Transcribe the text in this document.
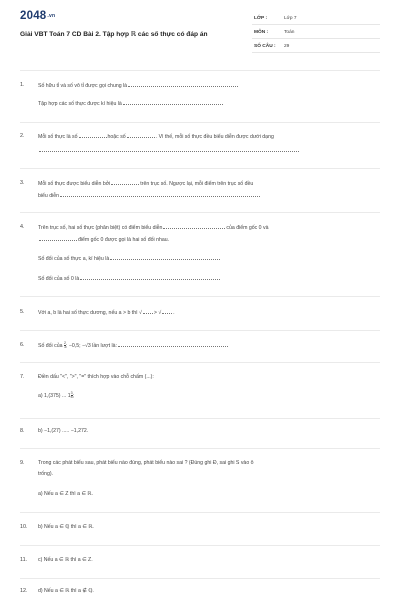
2048.vn
Giải VBT Toán 7 CD Bài 2. Tập hợp ℝ các số thực có đáp án
LỚP :	Lớp 7
MÔN :	Toán
SỐ CÂU : 29
1.	Số hữu tỉ và số vô tỉ được gọi chung là
Tập hợp các số thực được kí hiệu là
2.	Mỗi số thực là số	hoặc số	. Vì thế, mỗi số thực đều biểu diễn được dưới dạng
3.	Mỗi số thực được biểu diễn bởi	trên trục số. Ngược lại, mỗi điểm trên trục số đều
biểu diễn
4.	Trên trục số, hai số thực (phân biệt) có điểm biểu diễn	của điểm gốc 0 và
điểm gốc 0 được gọi là hai số đối nhau.
Số đối của số thực a, kí hiệu là
Số đối của số 0 là
5.	Với a, b là hai số thực dương, nếu a > b thì √ > √ .
6.	Số đối của $\frac{2}{3}$ ; −0,5; −√3 lần lượt là:
7.	Điền dấu "<", ">", "=" thích hợp vào chỗ chấm (...):
a) 1,(375) ... $1 \frac{3}{8}$ ;
8.	b) −1,(27) ..... −1,272.
9.	Trong các phát biểu sau, phát biểu nào đúng, phát biểu nào sai ? (Đúng ghi Đ, sai ghi S vào ô
trống).
a) Nếu a ∈ Z thì a ∈ ℝ.
10.	b) Nếu a ∈ ℚ thì a ∈ ℝ.
11.	c) Nếu a ∈ ℝ thì a ∈ Z.
12.	d) Nếu a ∈ ℝ thì a ∉ ℚ.
